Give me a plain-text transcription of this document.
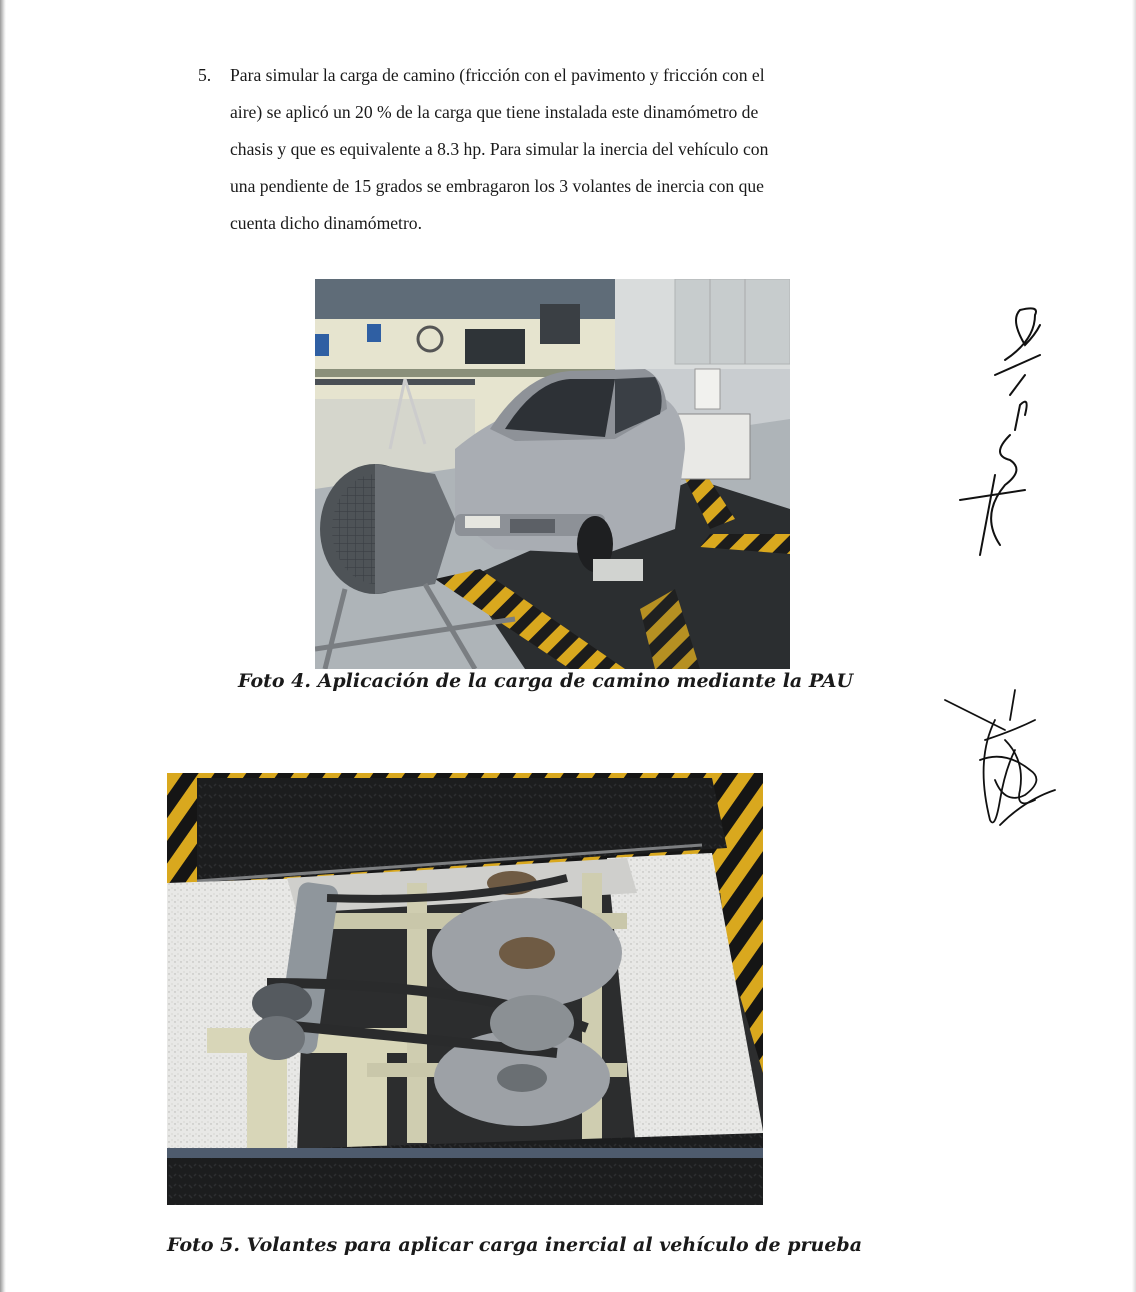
5.	Para simular la carga de camino (fricción con el pavimento y fricción con el
aire) se aplicó un 20 % de la carga que tiene instalada este dinamómetro de
chasis y que es equivalente a 8.3 hp. Para simular la inercia del vehículo con
una pendiente de 15 grados se embragaron los 3 volantes de inercia con que
cuenta dicho dinamómetro.
Foto 4. Aplicación de la carga de camino mediante la PAU
Foto 5. Volantes para aplicar carga inercial al vehículo de prueba
